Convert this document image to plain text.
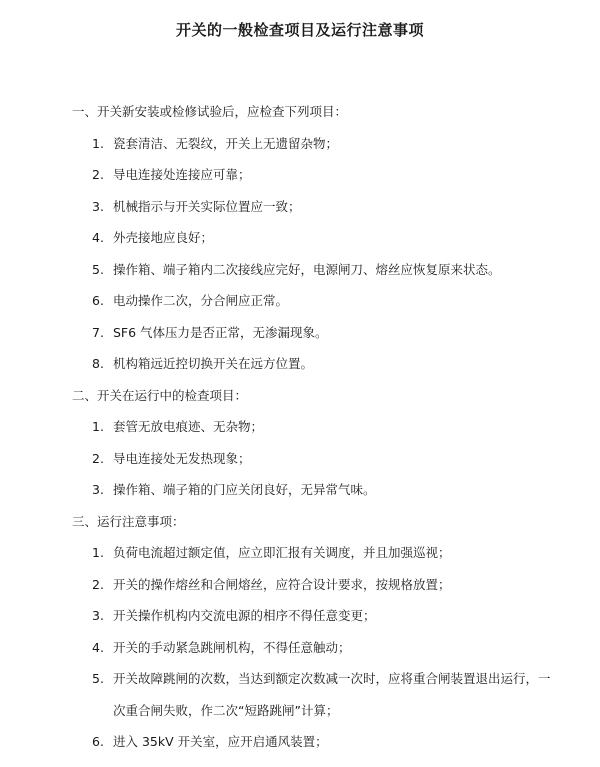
开关的一般检查项目及运行注意事项
一、开关新安装或检修试验后，应检查下列项目：
1. 瓷套清洁、无裂纹，开关上无遗留杂物；
2. 导电连接处连接应可靠；
3. 机械指示与开关实际位置应一致；
4. 外壳接地应良好；
5. 操作箱、端子箱内二次接线应完好，电源闸刀、熔丝应恢复原来状态。
6. 电动操作二次，分合闸应正常。
7. SF6 气体压力是否正常，无渗漏现象。
8. 机构箱远近控切换开关在远方位置。
二、开关在运行中的检查项目：
1. 套管无放电痕迹、无杂物；
2. 导电连接处无发热现象；
3. 操作箱、端子箱的门应关闭良好，无异常气味。
三、运行注意事项：
1. 负荷电流超过额定值，应立即汇报有关调度，并且加强巡视；
2. 开关的操作熔丝和合闸熔丝，应符合设计要求，按规格放置；
3. 开关操作机构内交流电源的相序不得任意变更；
4. 开关的手动紧急跳闸机构，不得任意触动；
5. 开关故障跳闸的次数，当达到额定次数减一次时，应将重合闸装置退出运行，一
次重合闸失败，作二次“短路跳闸”计算；
6. 进入 35kV 开关室，应开启通风装置；
